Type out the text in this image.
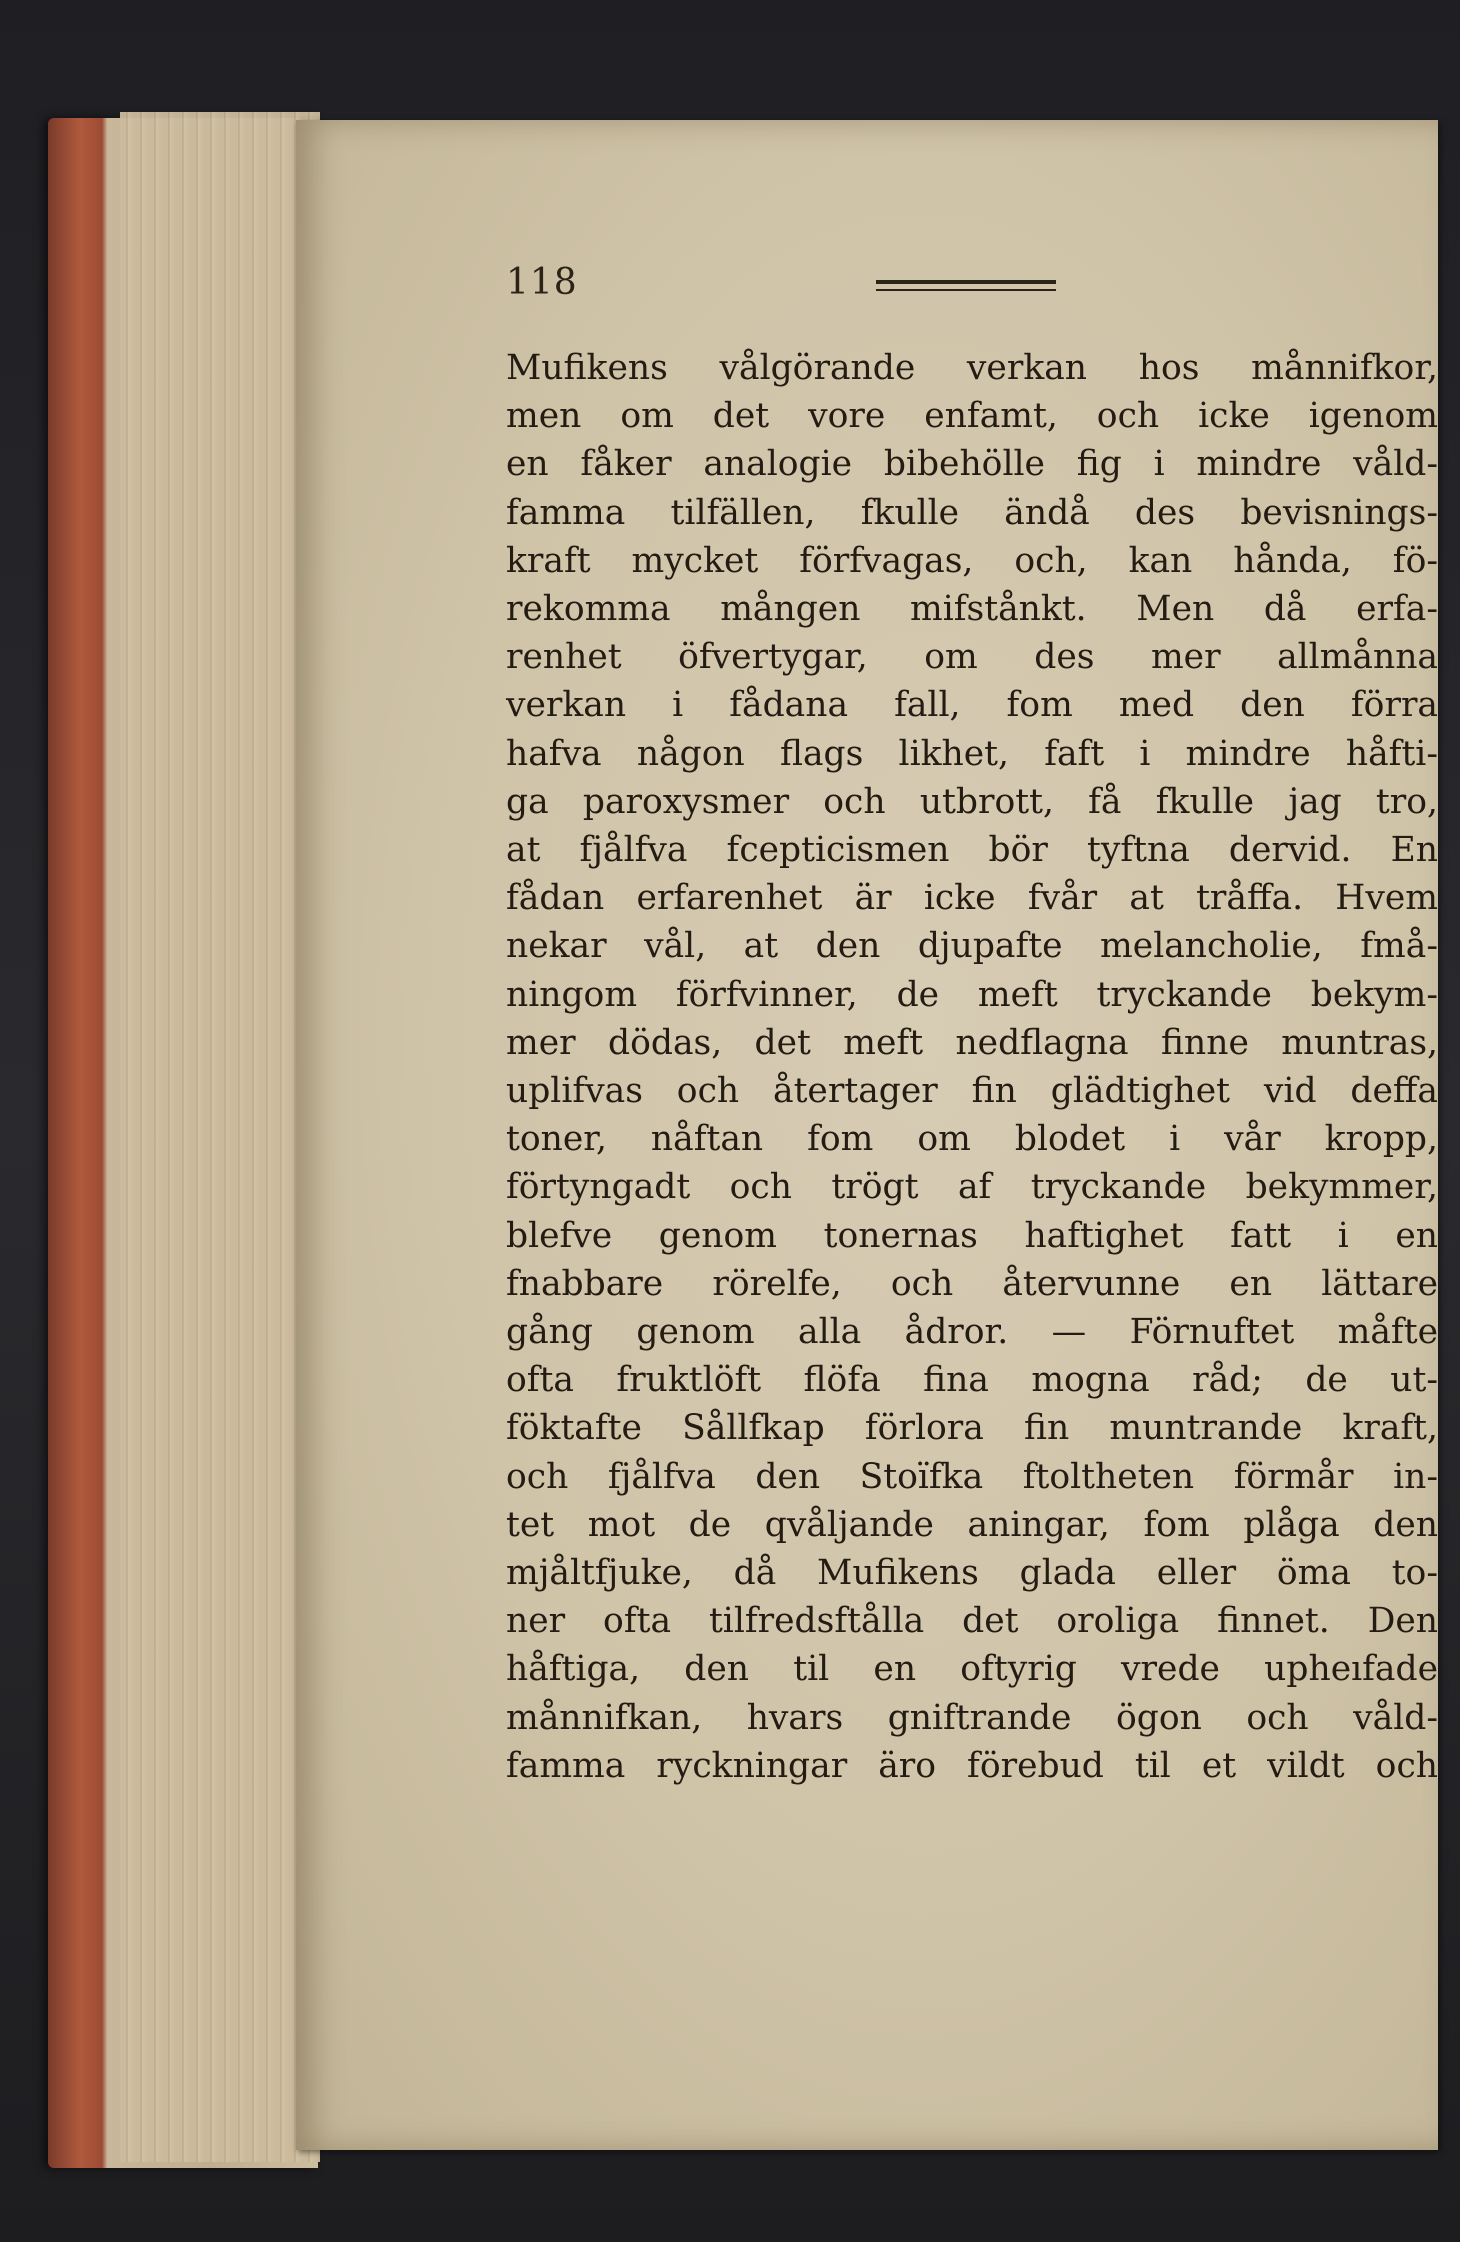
118
Mufikens vålgörande verkan hos månnifkor,
men om det vore enfamt, och icke igenom
en fåker analogie bibehölle fig i mindre våld-
famma tilfällen, fkulle ändå des bevisnings-
kraft mycket förfvagas, och, kan hånda, fö-
rekomma mången mifstånkt. Men då erfa-
renhet öfvertygar, om des mer allmånna
verkan i fådana fall, fom med den förra
hafva någon flags likhet, faft i mindre håfti-
ga paroxysmer och utbrott, få fkulle jag tro,
at fjålfva fcepticismen bör tyftna dervid. En
fådan erfarenhet är icke fvår at tråffa. Hvem
nekar vål, at den djupafte melancholie, fmå-
ningom förfvinner, de meft tryckande bekym-
mer dödas, det meft nedflagna finne muntras,
uplifvas och återtager fin glädtighet vid deffa
toner, nåftan fom om blodet i vår kropp,
förtyngadt och trögt af tryckande bekymmer,
blefve genom tonernas haftighet fatt i en
fnabbare rörelfe, och återvunne en lättare
gång genom alla ådror. — Förnuftet måfte
ofta fruktlöft flöfa fina mogna råd; de ut-
föktafte Sållfkap förlora fin muntrande kraft,
och fjålfva den Stoïfka ftoltheten förmår in-
tet mot de qvåljande aningar, fom plåga den
mjåltfjuke, då Mufikens glada eller öma to-
ner ofta tilfredsftålla det oroliga finnet. Den
håftiga, den til en oftyrig vrede upheıfade
månnifkan, hvars gniftrande ögon och våld-
famma ryckningar äro förebud til et vildt och
